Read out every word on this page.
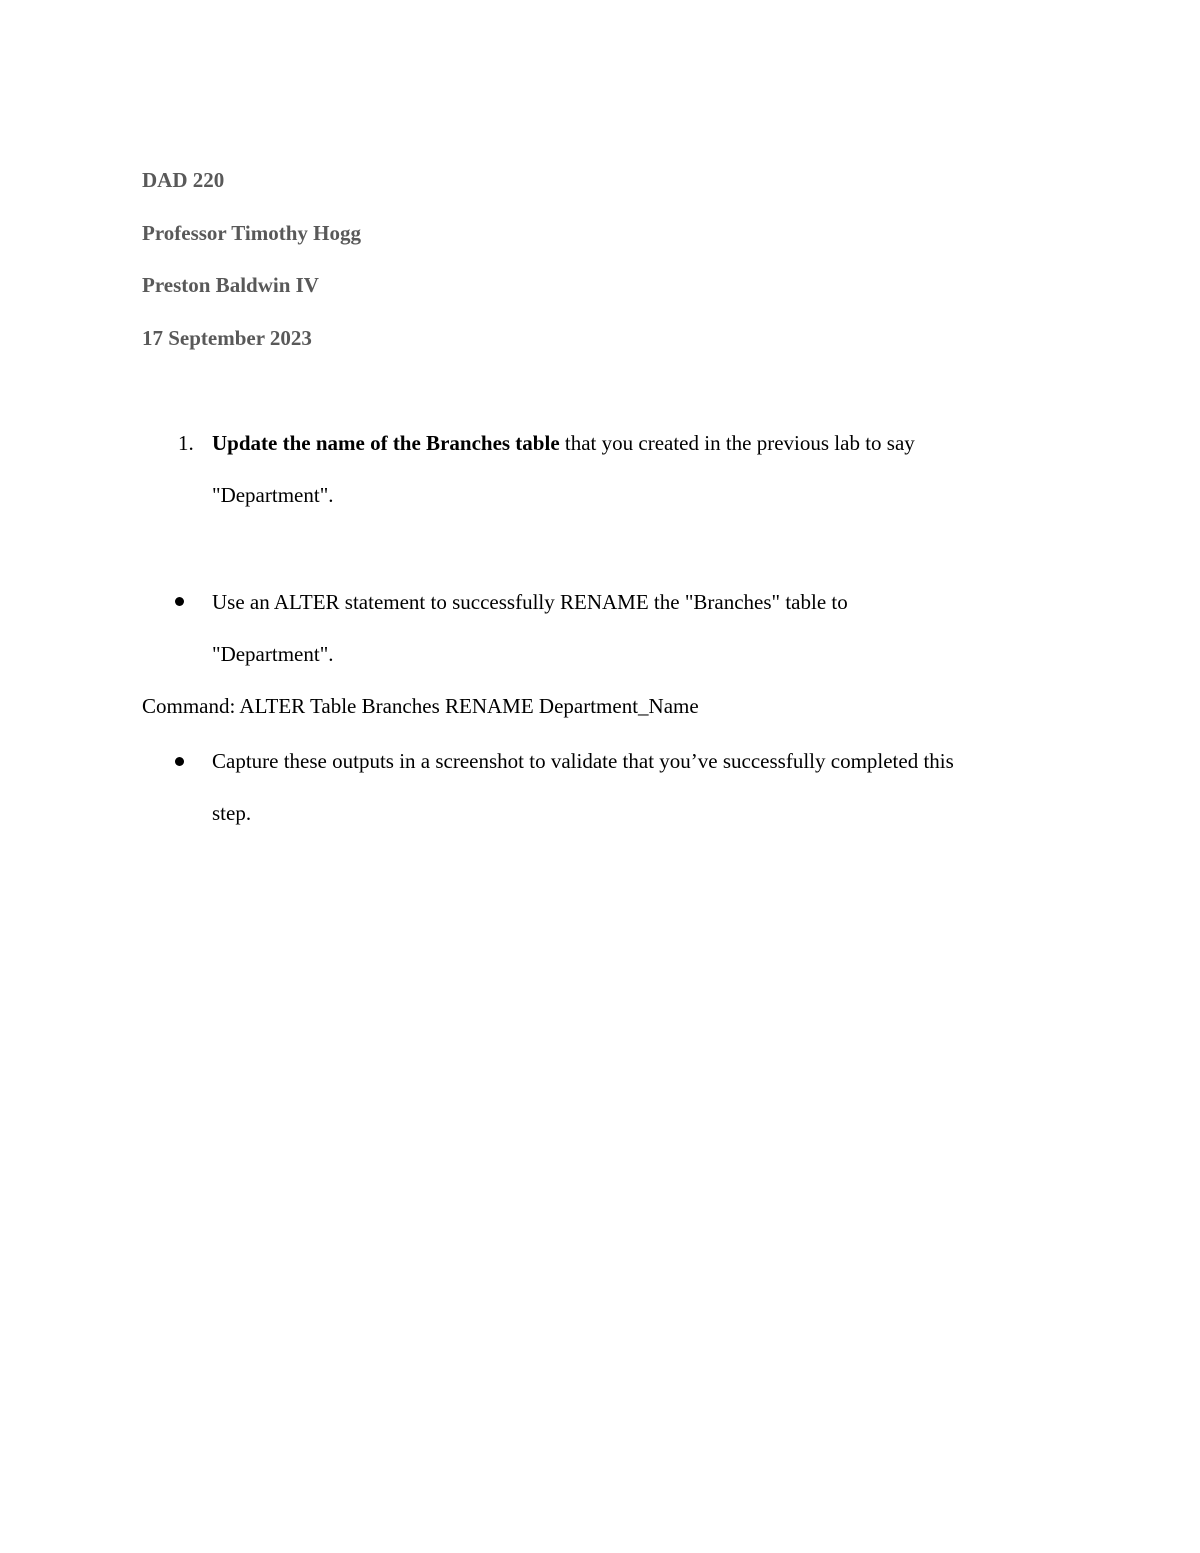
DAD 220
Professor Timothy Hogg
Preston Baldwin IV
17 September 2023
1. Update the name of the Branches table that you created in the previous lab to say
"Department".
Use an ALTER statement to successfully RENAME the "Branches" table to
"Department".
Command: ALTER Table Branches RENAME Department_Name
Capture these outputs in a screenshot to validate that you’ve successfully completed this
step.
